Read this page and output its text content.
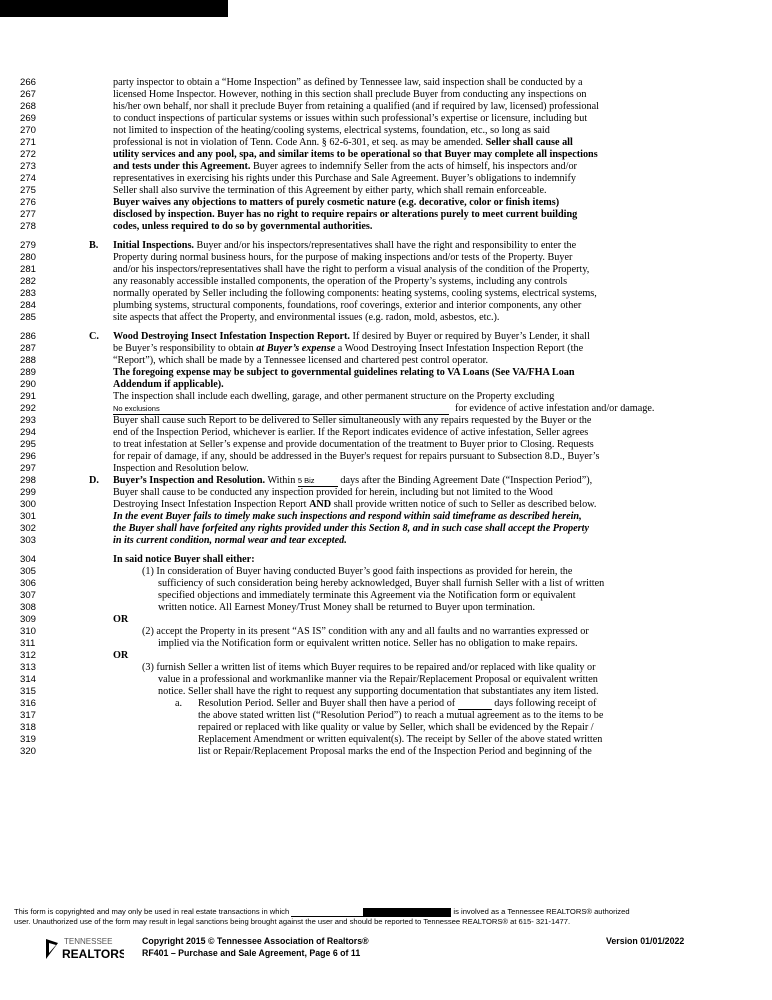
266	party inspector to obtain a “Home Inspection” as defined by Tennessee law, said inspection shall be conducted by a
267	licensed Home Inspector. However, nothing in this section shall preclude Buyer from conducting any inspections on
268	his/her own behalf, nor shall it preclude Buyer from retaining a qualified (and if required by law, licensed) professional
269	to conduct inspections of particular systems or issues within such professional’s expertise or licensure, including but
270	not limited to inspection of the heating/cooling systems, electrical systems, foundation, etc., so long as said
271	professional is not in violation of Tenn. Code Ann. § 62-6-301, et seq. as may be amended. Seller shall cause all
272	utility services and any pool, spa, and similar items to be operational so that Buyer may complete all inspections
273	and tests under this Agreement. Buyer agrees to indemnify Seller from the acts of himself, his inspectors and/or
274	representatives in exercising his rights under this Purchase and Sale Agreement. Buyer’s obligations to indemnify
275	Seller shall also survive the termination of this Agreement by either party, which shall remain enforceable.
276	Buyer waives any objections to matters of purely cosmetic nature (e.g. decorative, color or finish items)
277	disclosed by inspection. Buyer has no right to require repairs or alterations purely to meet current building
278	codes, unless required to do so by governmental authorities.
279	B. Initial Inspections. Buyer and/or his inspectors/representatives shall have the right and responsibility to enter the
280	Property during normal business hours, for the purpose of making inspections and/or tests of the Property. Buyer
281	and/or his inspectors/representatives shall have the right to perform a visual analysis of the condition of the Property,
282	any reasonably accessible installed components, the operation of the Property’s systems, including any controls
283	normally operated by Seller including the following components: heating systems, cooling systems, electrical systems,
284	plumbing systems, structural components, foundations, roof coverings, exterior and interior components, any other
285	site aspects that affect the Property, and environmental issues (e.g. radon, mold, asbestos, etc.).
286	C. Wood Destroying Insect Infestation Inspection Report. If desired by Buyer or required by Buyer’s Lender, it shall
287	be Buyer’s responsibility to obtain at Buyer’s expense a Wood Destroying Insect Infestation Inspection Report (the
288	“Report”), which shall be made by a Tennessee licensed and chartered pest control operator.
289	The foregoing expense may be subject to governmental guidelines relating to VA Loans (See VA/FHA Loan
290	Addendum if applicable).
291	The inspection shall include each dwelling, garage, and other permanent structure on the Property excluding
292	No exclusions	for evidence of active infestation and/or damage.
293	Buyer shall cause such Report to be delivered to Seller simultaneously with any repairs requested by the Buyer or the
294	end of the Inspection Period, whichever is earlier. If the Report indicates evidence of active infestation, Seller agrees
295	to treat infestation at Seller’s expense and provide documentation of the treatment to Buyer prior to Closing. Requests
296	for repair of damage, if any, should be addressed in the Buyer's request for repairs pursuant to Subsection 8.D., Buyer’s
297	Inspection and Resolution below.
298	D. Buyer’s Inspection and Resolution. Within 5 Biz days after the Binding Agreement Date (“Inspection Period”),
299	Buyer shall cause to be conducted any inspection provided for herein, including but not limited to the Wood
300	Destroying Insect Infestation Inspection Report AND shall provide written notice of such to Seller as described below.
301	In the event Buyer fails to timely make such inspections and respond within said timeframe as described herein,
302	the Buyer shall have forfeited any rights provided under this Section 8, and in such case shall accept the Property
303	in its current condition, normal wear and tear excepted.
304	In said notice Buyer shall either:
305	(1) In consideration of Buyer having conducted Buyer’s good faith inspections as provided for herein, the
306	sufficiency of such consideration being hereby acknowledged, Buyer shall furnish Seller with a list of written
307	specified objections and immediately terminate this Agreement via the Notification form or equivalent
308	written notice. All Earnest Money/Trust Money shall be returned to Buyer upon termination.
309	OR
310	(2) accept the Property in its present “AS IS” condition with any and all faults and no warranties expressed or
311	implied via the Notification form or equivalent written notice. Seller has no obligation to make repairs.
312	OR
313	(3) furnish Seller a written list of items which Buyer requires to be repaired and/or replaced with like quality or
314	value in a professional and workmanlike manner via the Repair/Replacement Proposal or equivalent written
315	notice. Seller shall have the right to request any supporting documentation that substantiates any item listed.
316	a. Resolution Period. Seller and Buyer shall then have a period of	days following receipt of
317	the above stated written list (“Resolution Period”) to reach a mutual agreement as to the items to be
318	repaired or replaced with like quality or value by Seller, which shall be evidenced by the Repair /
319	Replacement Amendment or written equivalent(s). The receipt by Seller of the above stated written
320	list or Repair/Replacement Proposal marks the end of the Inspection Period and beginning of the
This form is copyrighted and may only be used in real estate transactions in which	is involved as a Tennessee REALTORS® authorized
user. Unauthorized use of the form may result in legal sanctions being brought against the user and should be reported to Tennessee REALTORS® at 615- 321-1477.
TENNESSEE
REALTORS
Copyright 2015 © Tennessee Association of Realtors®
RF401 – Purchase and Sale Agreement, Page 6 of 11
Version 01/01/2022
